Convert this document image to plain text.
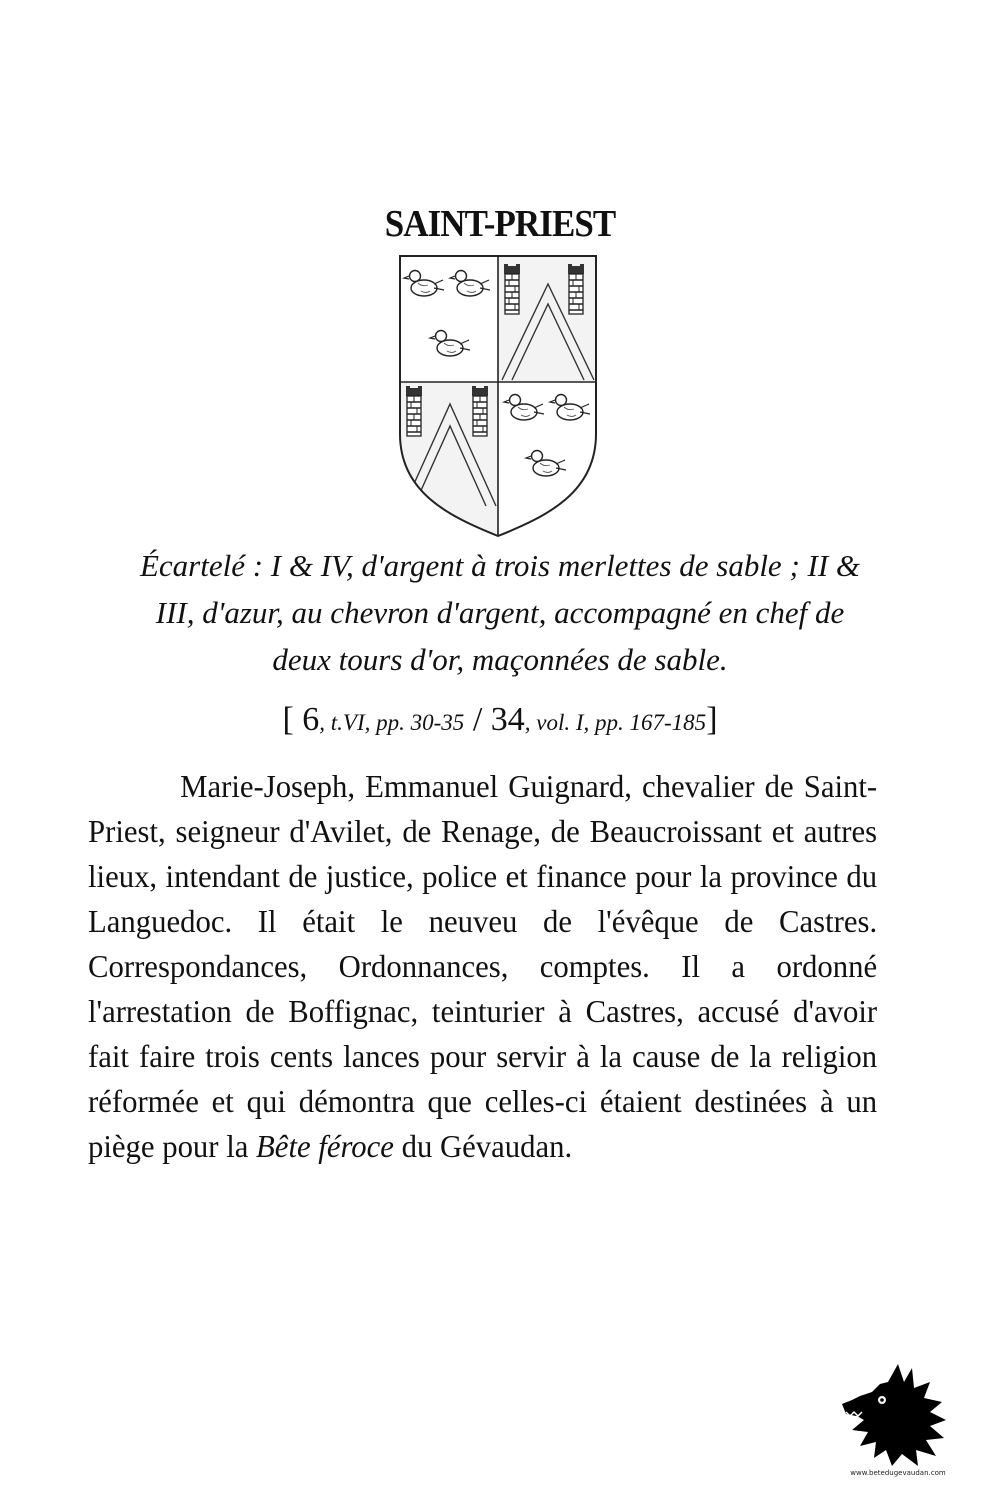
SAINT-PRIEST
Écartelé : I & IV, d'argent à trois merlettes de sable ; II &
III, d'azur, au chevron d'argent, accompagné en chef de
deux tours d'or, maçonnées de sable.
[ 6, t.VI, pp. 30-35 / 34, vol. I, pp. 167-185]

Marie-Joseph, Emmanuel Guignard, chevalier de Saint-Priest, seigneur d'Avilet, de Renage, de Beaucroissant et autres lieux, intendant de justice, police et finance pour la province du Languedoc. Il était le neuveu de l'évêque de Castres. Correspondances, Ordonnances, comptes. Il a ordonné l'arrestation de Boffignac, teinturier à Castres, accusé d'avoir fait faire trois cents lances pour servir à la cause de la religion réformée et qui démontra que celles-ci étaient destinées à un piège pour la Bête féroce du Gévaudan.

www.betedugevaudan.com
